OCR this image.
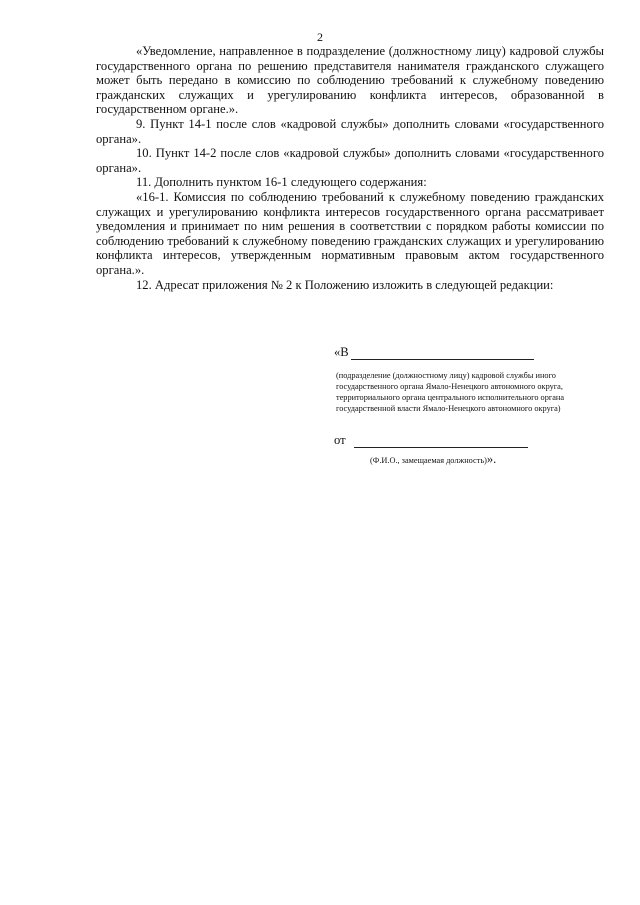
2

«Уведомление, направленное в подразделение (должностному лицу) кадровой службы государственного органа по решению представителя нанимателя гражданского служащего может быть передано в комиссию по соблюдению требований к служебному поведению гражданских служащих и урегулированию конфликта интересов, образованной в государственном органе.».

9. Пункт 14-1 после слов «кадровой службы» дополнить словами «государственного органа».

10. Пункт 14-2 после слов «кадровой службы» дополнить словами «государственного органа».

11. Дополнить пунктом 16-1 следующего содержания:

«16-1. Комиссия по соблюдению требований к служебному поведению гражданских служащих и урегулированию конфликта интересов государственного органа рассматривает уведомления и принимает по ним решения в соответствии с порядком работы комиссии по соблюдению требований к служебному поведению гражданских служащих и урегулированию конфликта интересов, утвержденным нормативным правовым актом государственного органа.».

12. Адресат приложения № 2 к Положению изложить в следующей редакции:

«В
(подразделение (должностному лицу) кадровой службы иного государственного органа Ямало-Ненецкого автономного округа, территориального органа центрального исполнительного органа государственной власти Ямало-Ненецкого автономного округа)
от
(Ф.И.О., замещаемая должность)».
